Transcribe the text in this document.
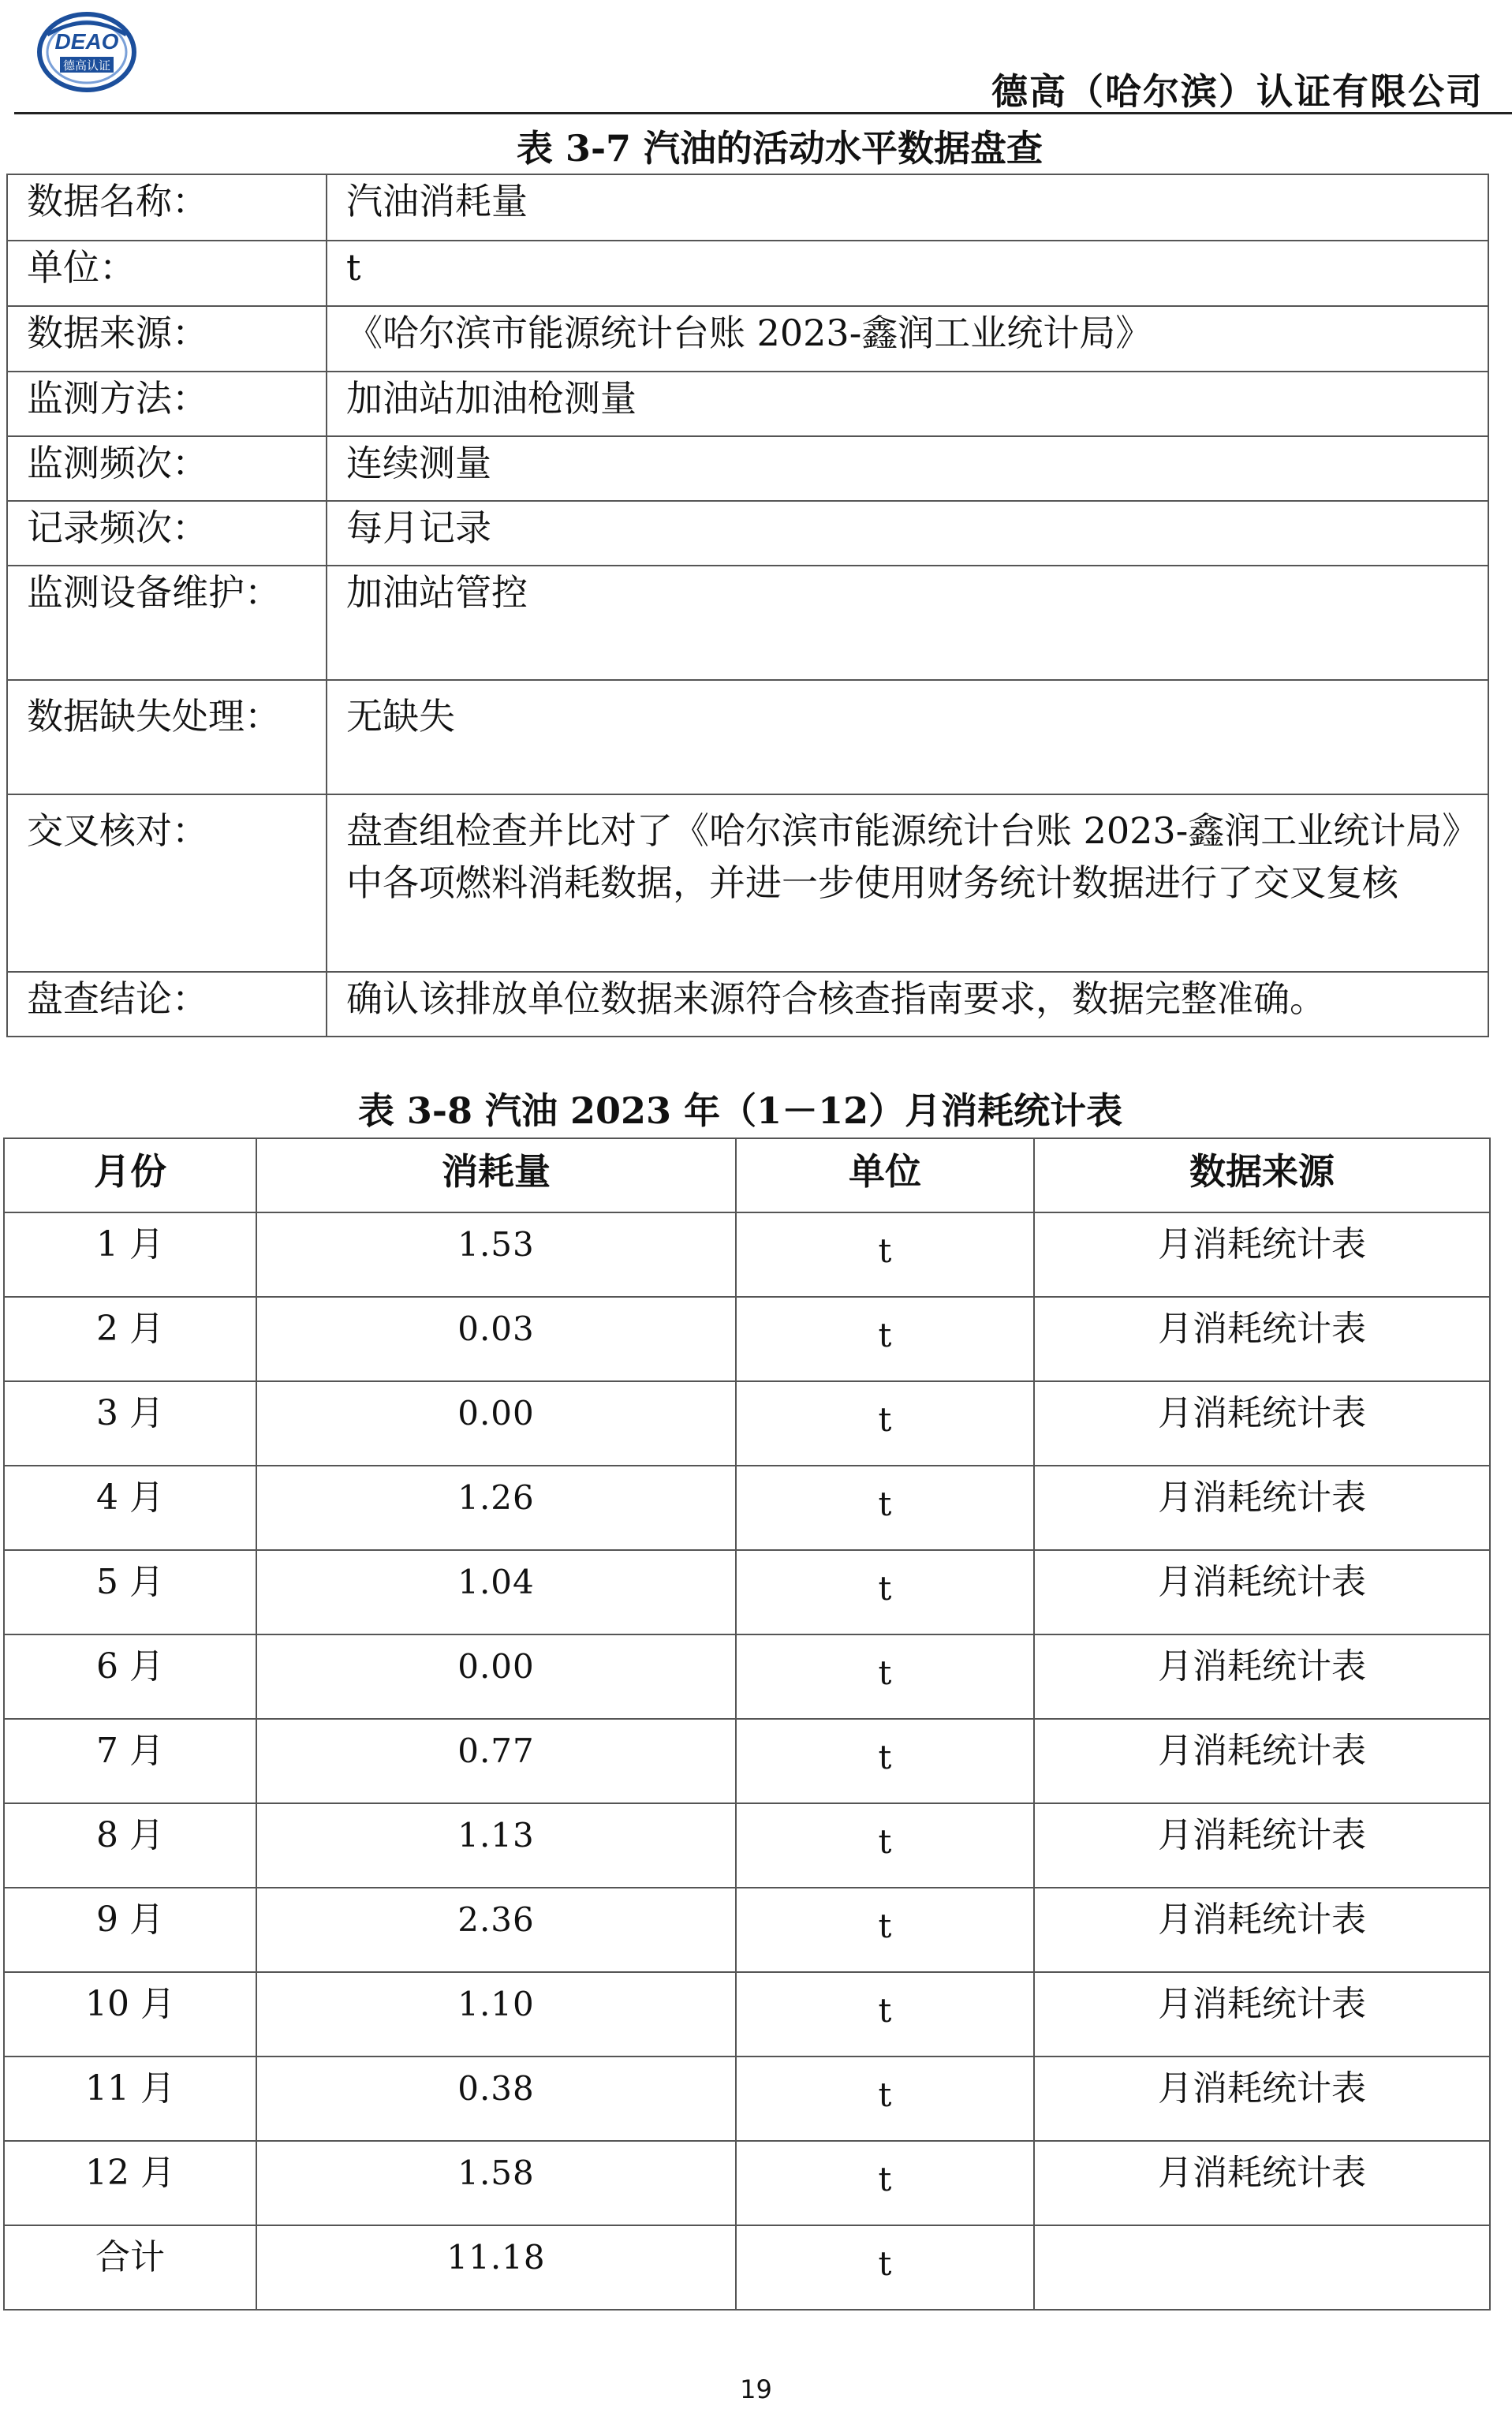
DEAO
德高认证
德高（哈尔滨）认证有限公司
表 3-7 汽油的活动水平数据盘查
数据名称：	汽油消耗量
单位：	t
数据来源：	《哈尔滨市能源统计台账 2023-鑫润工业统计局》
监测方法：	加油站加油枪测量
监测频次：	连续测量
记录频次：	每月记录
监测设备维护：	加油站管控
数据缺失处理：	无缺失
交叉核对：	盘查组检查并比对了《哈尔滨市能源统计台账 2023-鑫润工业统计局》中各项燃料消耗数据，并进一步使用财务统计数据进行了交叉复核
盘查结论：	确认该排放单位数据来源符合核查指南要求，数据完整准确。
表 3-8 汽油 2023 年（1－12）月消耗统计表
月份	消耗量	单位	数据来源
1 月	1.53	t	月消耗统计表
2 月	0.03	t	月消耗统计表
3 月	0.00	t	月消耗统计表
4 月	1.26	t	月消耗统计表
5 月	1.04	t	月消耗统计表
6 月	0.00	t	月消耗统计表
7 月	0.77	t	月消耗统计表
8 月	1.13	t	月消耗统计表
9 月	2.36	t	月消耗统计表
10 月	1.10	t	月消耗统计表
11 月	0.38	t	月消耗统计表
12 月	1.58	t	月消耗统计表
合计	11.18	t	
19
